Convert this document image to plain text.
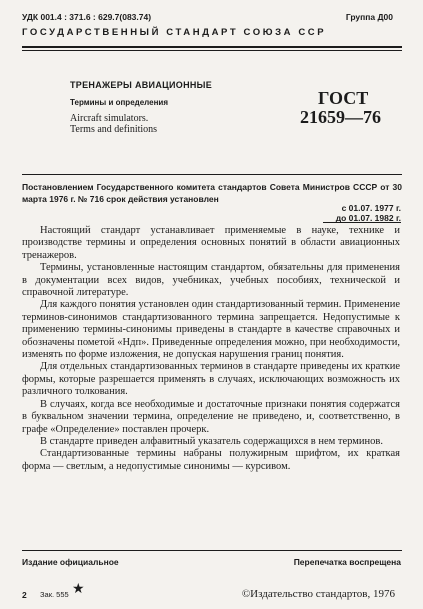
УДК 001.4 : 371.6 : 629.7(083.74)	Группа Д00
ГОСУДАРСТВЕННЫЙ СТАНДАРТ СОЮЗА ССР
ТРЕНАЖЕРЫ АВИАЦИОННЫЕ
Термины и определения
Aircraft simulators.
Terms and definitions
ГОСТ
21659—76
Постановлением Государственного комитета стандартов Совета Министров СССР от 30 марта 1976 г. № 716 срок действия установлен
с 01.07. 1977 г.
до 01.07. 1982 г.

Настоящий стандарт устанавливает применяемые в науке, технике и производстве термины и определения основных понятий в области авиационных тренажеров.

Термины, установленные настоящим стандартом, обязательны для применения в документации всех видов, учебниках, учебных пособиях, технической и справочной литературе.

Для каждого понятия установлен один стандартизованный термин. Применение терминов-синонимов стандартизованного термина запрещается. Недопустимые к применению термины-синонимы приведены в стандарте в качестве справочных и обозначены пометой «Ндп». Приведенные определения можно, при необходимости, изменять по форме изложения, не допуская нарушения границ понятия.

Для отдельных стандартизованных терминов в стандарте приведены их краткие формы, которые разрешается применять в случаях, исключающих возможность их различного толкования.

В случаях, когда все необходимые и достаточные признаки понятия содержатся в буквальном значении термина, определение не приведено, и, соответственно, в графе «Определение» поставлен прочерк.

В стандарте приведен алфавитный указатель содержащихся в нем терминов.

Стандартизованные термины набраны полужирным шрифтом, их краткая форма — светлым, а недопустимые синонимы — курсивом.

Издание официальное	Перепечатка воспрещена
★
2 Зак. 555	©Издательство стандартов, 1976
